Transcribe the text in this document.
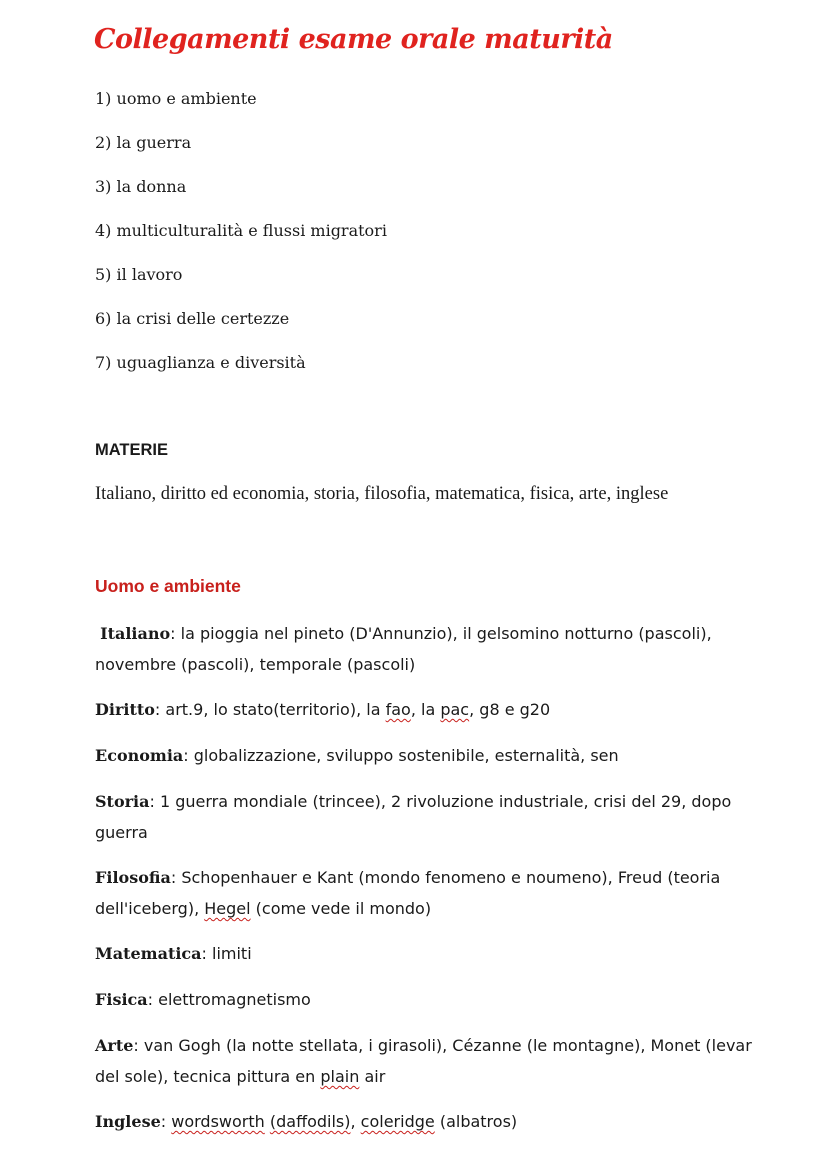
Collegamenti esame orale maturità
1) uomo e ambiente
2) la guerra
3) la donna
4) multiculturalità e flussi migratori
5) il lavoro
6) la crisi delle certezze
7) uguaglianza e diversità
MATERIE
Italiano, diritto ed economia, storia, filosofia, matematica, fisica, arte, inglese
Uomo e ambiente
Italiano: la pioggia nel pineto (D'Annunzio), il gelsomino notturno (pascoli), novembre (pascoli), temporale (pascoli)
Diritto: art.9, lo stato(territorio), la fao, la pac, g8 e g20
Economia: globalizzazione, sviluppo sostenibile, esternalità, sen
Storia: 1 guerra mondiale (trincee), 2 rivoluzione industriale, crisi del 29, dopo guerra
Filosofia: Schopenhauer e Kant (mondo fenomeno e noumeno), Freud (teoria dell'iceberg), Hegel (come vede il mondo)
Matematica: limiti
Fisica: elettromagnetismo
Arte: van Gogh (la notte stellata, i girasoli), Cézanne (le montagne), Monet (levar del sole), tecnica pittura en plain air
Inglese: wordsworth (daffodils), coleridge (albatros)
